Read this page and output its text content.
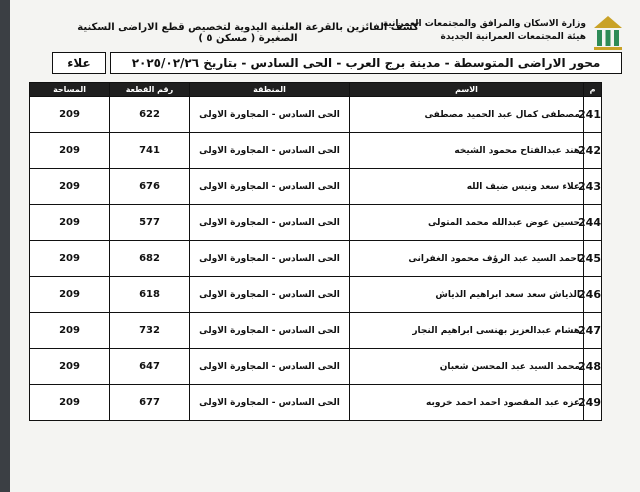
وزارة الاسكان والمرافق والمجتمعات العمرانية
هيئة المجتمعات العمرانية الجديدة
كشف الفائزين بالقرعة العلنية اليدوية لتخصيص قطع الاراضى السكنية الصغيرة ( مسكن ٥ )
محور الاراضى المتوسطة - مدينة برج العرب - الحى السادس - بتاريخ ٢٠٢٥/٠٢/٢٦
علاء
م	الاسم	المنطقة	رقم القطعة	المساحة
241	مصطفى كمال عبد الحميد مصطفى	الحى السادس - المجاورة الاولى	622	209
242	هند عبدالفتاح محمود الشيخه	الحى السادس - المجاورة الاولى	741	209
243	علاء سعد ونيس ضيف الله	الحى السادس - المجاورة الاولى	676	209
244	حسين عوض عبدالله محمد المتولى	الحى السادس - المجاورة الاولى	577	209
245	احمد السيد عبد الرؤف محمود الغفرانى	الحى السادس - المجاورة الاولى	682	209
246	الذياش سعد سعد ابراهيم الذياش	الحى السادس - المجاورة الاولى	618	209
247	هشام عبدالعزيز بهنسى ابراهيم النجار	الحى السادس - المجاورة الاولى	732	209
248	محمد السيد عبد المحسن شعبان	الحى السادس - المجاورة الاولى	647	209
249	عزه عبد المقصود احمد احمد خروبه	الحى السادس - المجاورة الاولى	677	209
